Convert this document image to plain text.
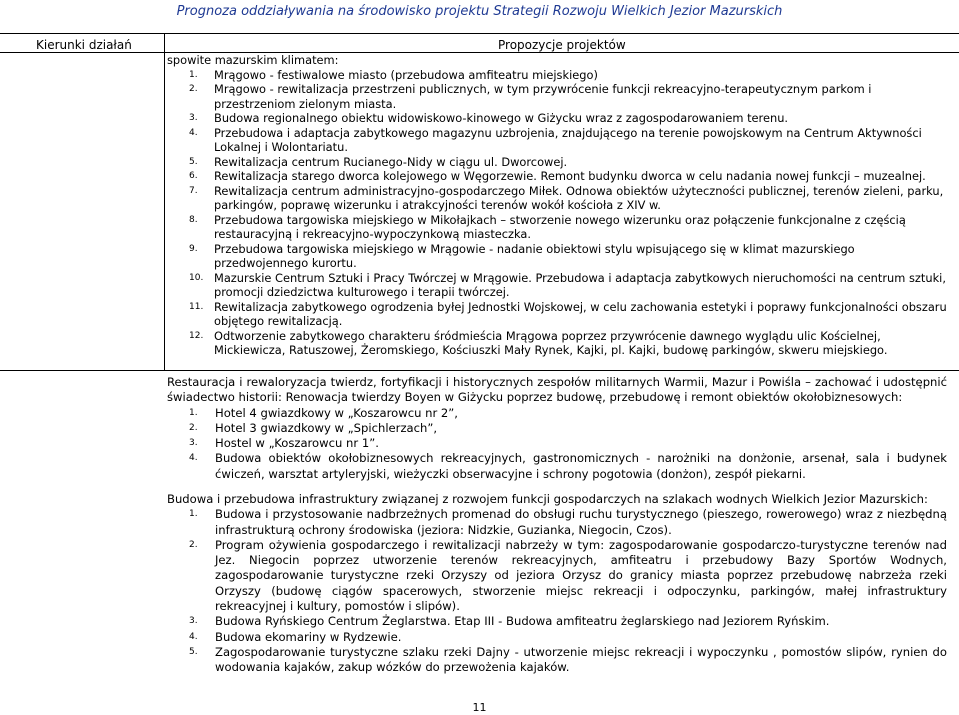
Prognoza oddziaływania na środowisko projektu Strategii Rozwoju Wielkich Jezior Mazurskich
Kierunki działań	Propozycje projektów

spowite mazurskim klimatem:

1. Mrągowo - festiwalowe miasto (przebudowa amfiteatru miejskiego)
2. Mrągowo - rewitalizacja przestrzeni publicznych, w tym przywrócenie funkcji rekreacyjno-terapeutycznym parkom i przestrzeniom zielonym miasta.
3. Budowa regionalnego obiektu widowiskowo-kinowego w Giżycku wraz z zagospodarowaniem terenu.
4. Przebudowa i adaptacja zabytkowego magazynu uzbrojenia, znajdującego na terenie powojskowym na Centrum Aktywności Lokalnej i Wolontariatu.
5. Rewitalizacja centrum Rucianego-Nidy w ciągu ul. Dworcowej.
6. Rewitalizacja starego dworca kolejowego w Węgorzewie. Remont budynku dworca w celu nadania nowej funkcji – muzealnej.
7. Rewitalizacja centrum administracyjno-gospodarczego Miłek. Odnowa obiektów użyteczności publicznej, terenów zieleni, parku, parkingów, poprawę wizerunku i atrakcyjności terenów wokół kościoła z XIV w.
8. Przebudowa targowiska miejskiego w Mikołajkach – stworzenie nowego wizerunku oraz połączenie funkcjonalne z częścią restauracyjną i rekreacyjno-wypoczynkową miasteczka.
9. Przebudowa targowiska miejskiego w Mrągowie - nadanie obiektowi stylu wpisującego się w klimat mazurskiego przedwojennego kurortu.
10. Mazurskie Centrum Sztuki i Pracy Twórczej w Mrągowie. Przebudowa i adaptacja zabytkowych nieruchomości na centrum sztuki, promocji dziedzictwa kulturowego i terapii twórczej.
11. Rewitalizacja zabytkowego ogrodzenia byłej Jednostki Wojskowej, w celu zachowania estetyki i poprawy funkcjonalności obszaru objętego rewitalizacją.
12. Odtworzenie zabytkowego charakteru śródmieścia Mrągowa poprzez przywrócenie dawnego wyglądu ulic Kościelnej, Mickiewicza, Ratuszowej, Żeromskiego, Kościuszki Mały Rynek, Kajki, pl. Kajki, budowę parkingów, skweru miejskiego.

Restauracja i rewaloryzacja twierdz, fortyfikacji i historycznych zespołów militarnych Warmii, Mazur i Powiśla – zachować i udostępnić świadectwo historii: Renowacja twierdzy Boyen w Giżycku poprzez budowę, przebudowę i remont obiektów okołobiznesowych:

1. Hotel 4 gwiazdkowy w „Koszarowcu nr 2”,
2. Hotel 3 gwiazdkowy w „Spichlerzach”,
3. Hostel w „Koszarowcu nr 1”.
4. Budowa obiektów okołobiznesowych rekreacyjnych, gastronomicznych - narożniki na donżonie, arsenał, sala i budynek ćwiczeń, warsztat artyleryjski, wieżyczki obserwacyjne i schrony pogotowia (donżon), zespół piekarni.

Budowa i przebudowa infrastruktury związanej z rozwojem funkcji gospodarczych na szlakach wodnych Wielkich Jezior Mazurskich:

1. Budowa i przystosowanie nadbrzeżnych promenad do obsługi ruchu turystycznego (pieszego, rowerowego) wraz z niezbędną infrastrukturą ochrony środowiska (jeziora: Nidzkie, Guzianka, Niegocin, Czos).
2. Program ożywienia gospodarczego i rewitalizacji nabrzeży w tym: zagospodarowanie gospodarczo-turystyczne terenów nad Jez. Niegocin poprzez utworzenie terenów rekreacyjnych, amfiteatru i przebudowy Bazy Sportów Wodnych, zagospodarowanie turystyczne rzeki Orzyszy od jeziora Orzysz do granicy miasta poprzez przebudowę nabrzeża rzeki Orzyszy (budowę ciągów spacerowych, stworzenie miejsc rekreacji i odpoczynku, parkingów, małej infrastruktury rekreacyjnej i kultury, pomostów i slipów).
3. Budowa Ryńskiego Centrum Żeglarstwa. Etap III - Budowa amfiteatru żeglarskiego nad Jeziorem Ryńskim.
4. Budowa ekomariny w Rydzewie.
5. Zagospodarowanie turystyczne szlaku rzeki Dajny - utworzenie miejsc rekreacji i wypoczynku , pomostów slipów, rynien do wodowania kajaków, zakup wózków do przewożenia kajaków.
11
